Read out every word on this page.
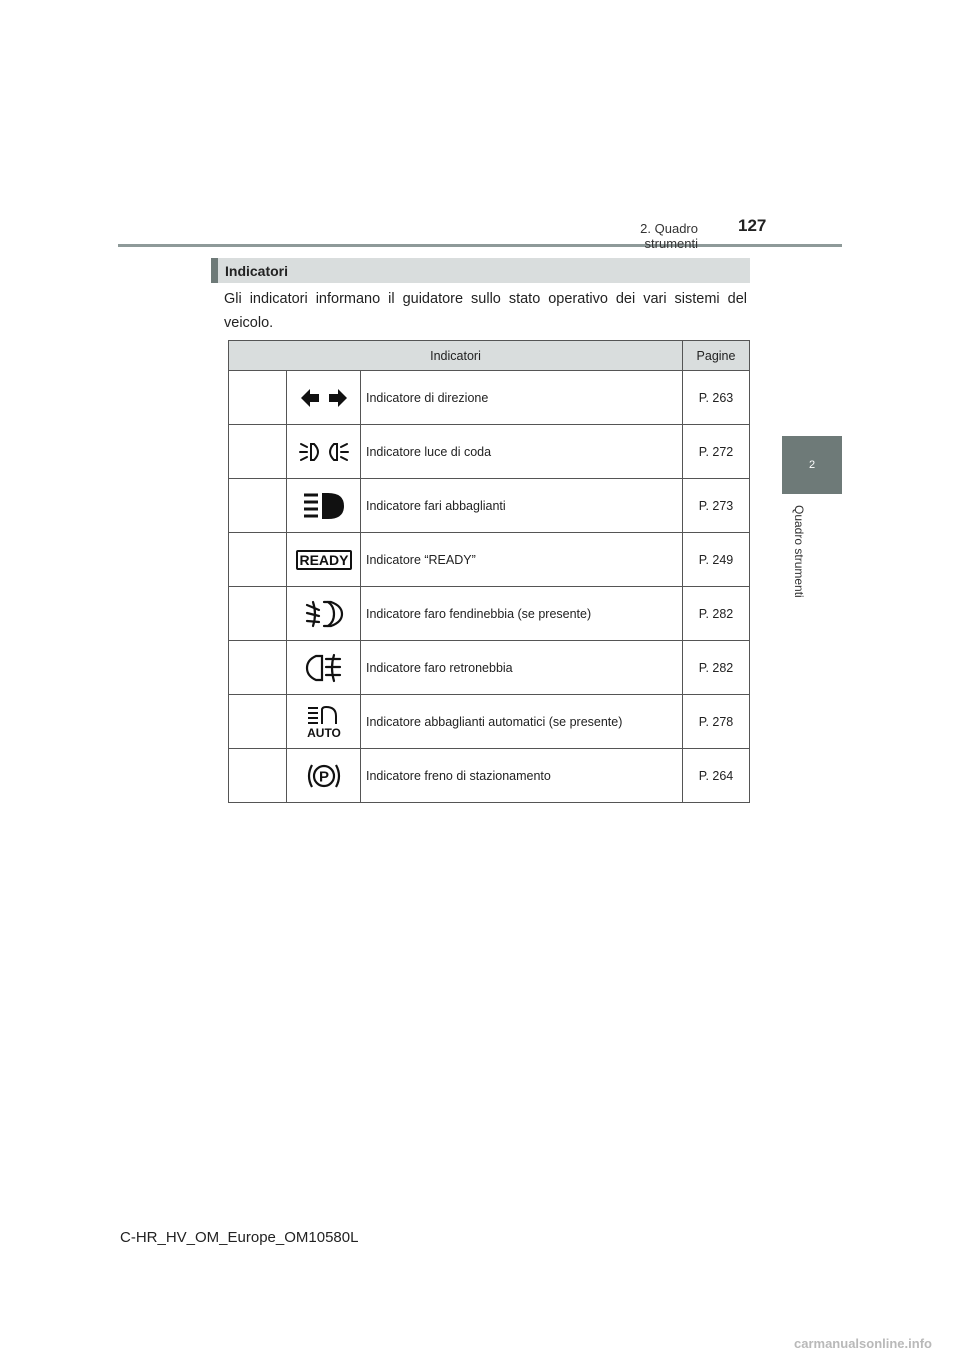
2. Quadro strumenti
127
2
Quadro strumenti
Indicatori

Gli indicatori informano il guidatore sullo stato operativo dei vari sistemi del veicolo.

Indicatori			Pagine

	Indicatore di direzione	P. 263

	Indicatore luce di coda	P. 272

	Indicatore fari abbaglianti	P. 273

READY	Indicatore “READY”	P. 249

	Indicatore faro fendinebbia (se presente)	P. 282

	Indicatore faro retronebbia	P. 282

AUTO	Indicatore abbaglianti automatici (se presente)	P. 278

P	Indicatore freno di stazionamento	P. 264
C-HR_HV_OM_Europe_OM10580L
carmanualsonline.info
